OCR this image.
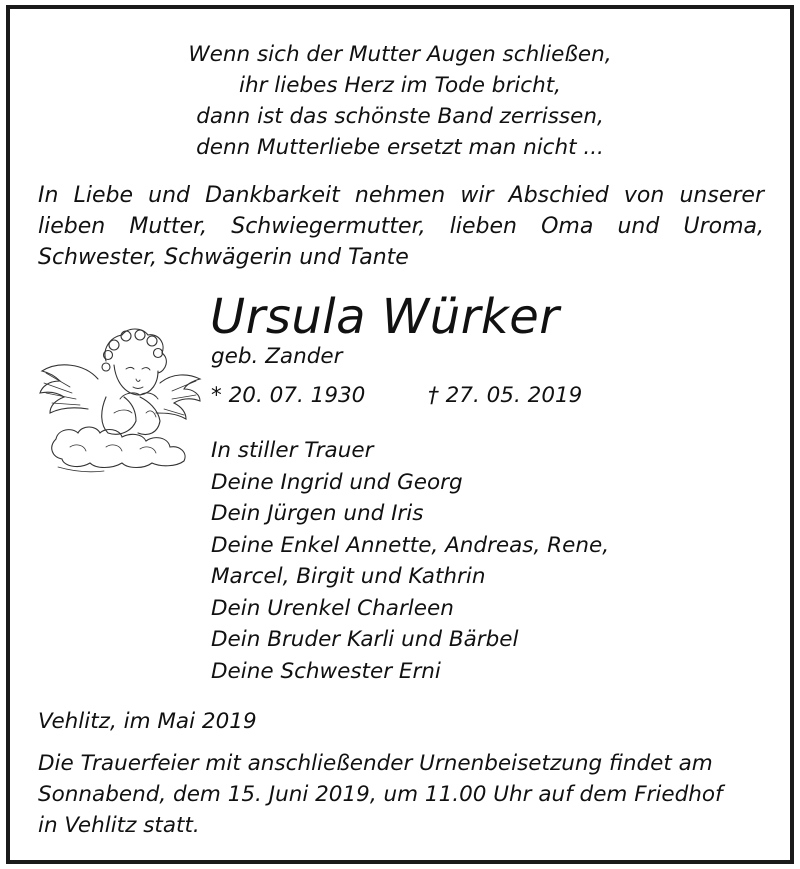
Wenn sich der Mutter Augen schließen,
ihr liebes Herz im Tode bricht,
dann ist das schönste Band zerrissen,
denn Mutterliebe ersetzt man nicht ...
In Liebe und Dankbarkeit nehmen wir Abschied von unserer
lieben Mutter, Schwiegermutter, lieben Oma und Uroma,
Schwester, Schwägerin und Tante
Ursula Würker
geb. Zander
* 20. 07. 1930	† 27. 05. 2019
In stiller Trauer
Deine Ingrid und Georg
Dein Jürgen und Iris
Deine Enkel Annette, Andreas, Rene,
Marcel, Birgit und Kathrin
Dein Urenkel Charleen
Dein Bruder Karli und Bärbel
Deine Schwester Erni
Vehlitz, im Mai 2019
Die Trauerfeier mit anschließender Urnenbeisetzung findet am
Sonnabend, dem 15. Juni 2019, um 11.00 Uhr auf dem Friedhof
in Vehlitz statt.
